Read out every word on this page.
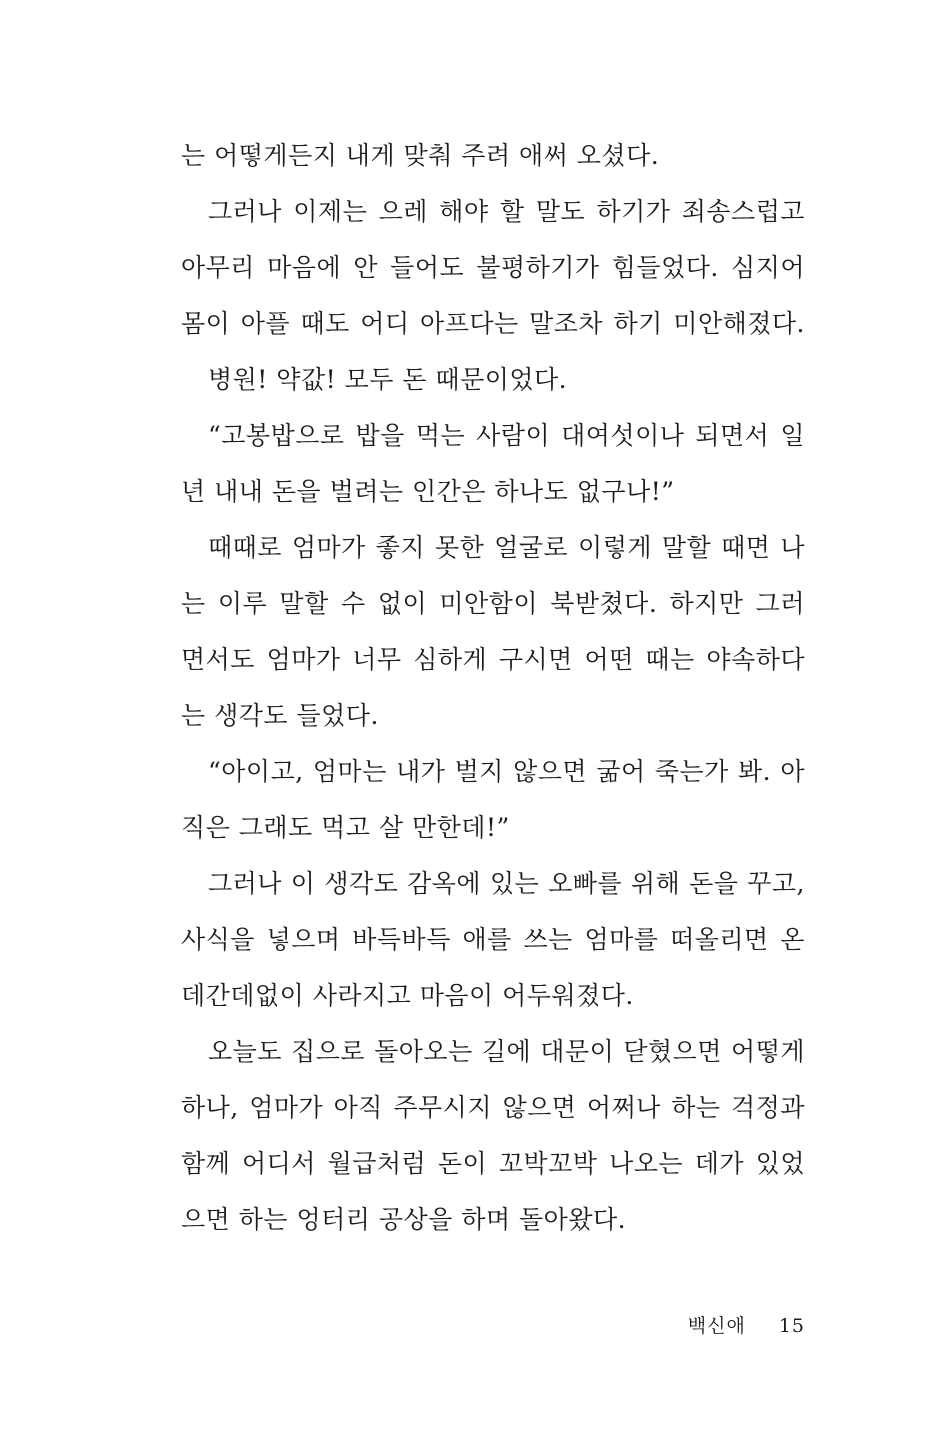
는 어떻게든지 내게 맞춰 주려 애써 오셨다.
그러나 이제는 으레 해야 할 말도 하기가 죄송스럽고
아무리 마음에 안 들어도 불평하기가 힘들었다. 심지어
몸이 아플 때도 어디 아프다는 말조차 하기 미안해졌다.
병원! 약값! 모두 돈 때문이었다.
“고봉밥으로 밥을 먹는 사람이 대여섯이나 되면서 일
년 내내 돈을 벌려는 인간은 하나도 없구나!”
때때로 엄마가 좋지 못한 얼굴로 이렇게 말할 때면 나
는 이루 말할 수 없이 미안함이 북받쳤다. 하지만 그러
면서도 엄마가 너무 심하게 구시면 어떤 때는 야속하다
는 생각도 들었다.
“아이고, 엄마는 내가 벌지 않으면 굶어 죽는가 봐. 아
직은 그래도 먹고 살 만한데!”
그러나 이 생각도 감옥에 있는 오빠를 위해 돈을 꾸고,
사식을 넣으며 바득바득 애를 쓰는 엄마를 떠올리면 온
데간데없이 사라지고 마음이 어두워졌다.
오늘도 집으로 돌아오는 길에 대문이 닫혔으면 어떻게
하나, 엄마가 아직 주무시지 않으면 어쩌나 하는 걱정과
함께 어디서 월급처럼 돈이 꼬박꼬박 나오는 데가 있었
으면 하는 엉터리 공상을 하며 돌아왔다.
백신애 15
